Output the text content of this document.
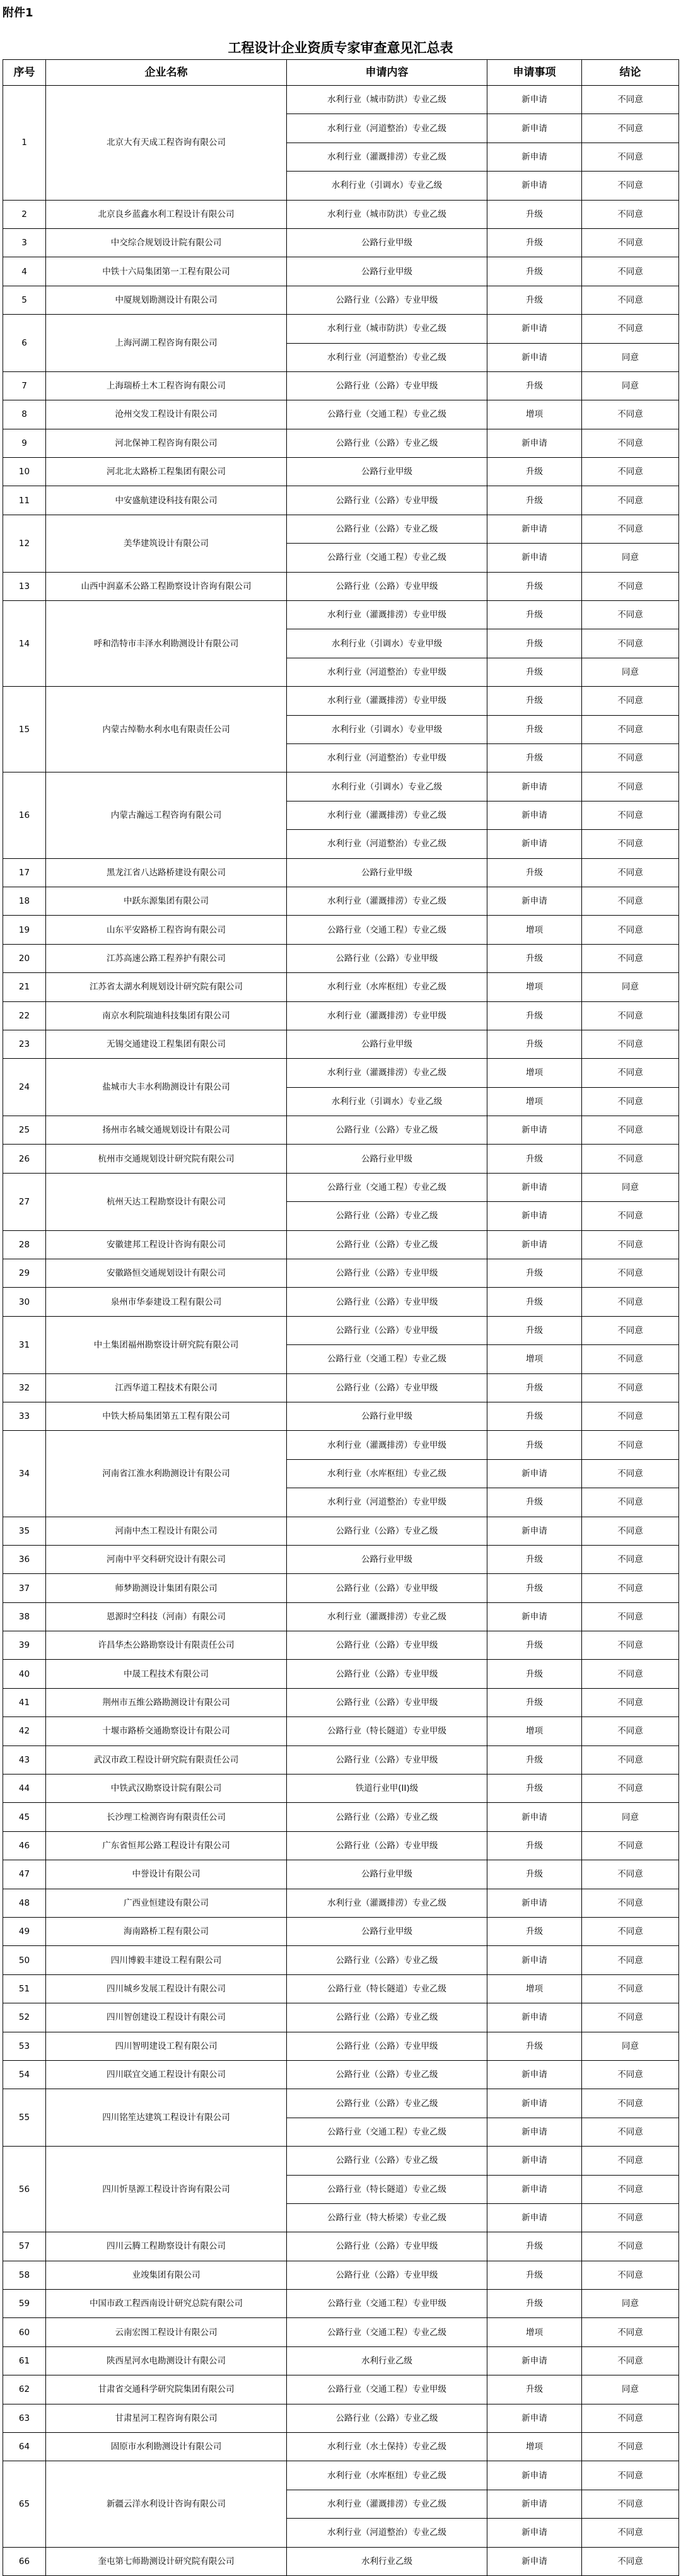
附件1
工程设计企业资质专家审查意见汇总表
序号	企业名称	申请内容	申请事项	结论
1	北京大有天成工程咨询有限公司	水利行业（城市防洪）专业乙级	新申请	不同意
		水利行业（河道整治）专业乙级	新申请	不同意
		水利行业（灌溉排涝）专业乙级	新申请	不同意
		水利行业（引调水）专业乙级	新申请	不同意
2	北京良乡蓝鑫水利工程设计有限公司	水利行业（城市防洪）专业乙级	升级	不同意
3	中交综合规划设计院有限公司	公路行业甲级	升级	不同意
4	中铁十六局集团第一工程有限公司	公路行业甲级	升级	不同意
5	中厦规划勘测设计有限公司	公路行业（公路）专业甲级	升级	不同意
6	上海河湖工程咨询有限公司	水利行业（城市防洪）专业乙级	新申请	不同意
		水利行业（河道整治）专业乙级	新申请	同意
7	上海瑞桥土木工程咨询有限公司	公路行业（公路）专业甲级	升级	同意
8	沧州交发工程设计有限公司	公路行业（交通工程）专业乙级	增项	不同意
9	河北保神工程咨询有限公司	公路行业（公路）专业乙级	新申请	不同意
10	河北北太路桥工程集团有限公司	公路行业甲级	升级	不同意
11	中安盛航建设科技有限公司	公路行业（公路）专业甲级	升级	不同意
12	美华建筑设计有限公司	公路行业（公路）专业乙级	新申请	不同意
		公路行业（交通工程）专业乙级	新申请	同意
13	山西中润嘉禾公路工程勘察设计咨询有限公司	公路行业（公路）专业甲级	升级	不同意
14	呼和浩特市丰泽水利勘测设计有限公司	水利行业（灌溉排涝）专业甲级	升级	不同意
		水利行业（引调水）专业甲级	升级	不同意
		水利行业（河道整治）专业甲级	升级	同意
15	内蒙古绰勒水利水电有限责任公司	水利行业（灌溉排涝）专业甲级	升级	不同意
		水利行业（引调水）专业甲级	升级	不同意
		水利行业（河道整治）专业甲级	升级	不同意
16	内蒙古瀚远工程咨询有限公司	水利行业（引调水）专业乙级	新申请	不同意
		水利行业（灌溉排涝）专业乙级	新申请	不同意
		水利行业（河道整治）专业乙级	新申请	不同意
17	黑龙江省八达路桥建设有限公司	公路行业甲级	升级	不同意
18	中跃东源集团有限公司	水利行业（灌溉排涝）专业乙级	新申请	不同意
19	山东平安路桥工程咨询有限公司	公路行业（交通工程）专业乙级	增项	不同意
20	江苏高速公路工程养护有限公司	公路行业（公路）专业甲级	升级	不同意
21	江苏省太湖水利规划设计研究院有限公司	水利行业（水库枢纽）专业乙级	增项	同意
22	南京水利院瑞迪科技集团有限公司	水利行业（灌溉排涝）专业甲级	升级	不同意
23	无锡交通建设工程集团有限公司	公路行业甲级	升级	不同意
24	盐城市大丰水利勘测设计有限公司	水利行业（灌溉排涝）专业乙级	增项	不同意
		水利行业（引调水）专业乙级	增项	不同意
25	扬州市名城交通规划设计有限公司	公路行业（公路）专业乙级	新申请	不同意
26	杭州市交通规划设计研究院有限公司	公路行业甲级	升级	不同意
27	杭州天达工程勘察设计有限公司	公路行业（交通工程）专业乙级	新申请	同意
		公路行业（公路）专业乙级	新申请	不同意
28	安徽建邦工程设计咨询有限公司	公路行业（公路）专业乙级	新申请	不同意
29	安徽路恒交通规划设计有限公司	公路行业（公路）专业甲级	升级	不同意
30	泉州市华泰建设工程有限公司	公路行业（公路）专业甲级	升级	不同意
31	中土集团福州勘察设计研究院有限公司	公路行业（公路）专业甲级	升级	不同意
		公路行业（交通工程）专业乙级	增项	不同意
32	江西华道工程技术有限公司	公路行业（公路）专业甲级	升级	不同意
33	中铁大桥局集团第五工程有限公司	公路行业甲级	升级	不同意
34	河南省江淮水利勘测设计有限公司	水利行业（灌溉排涝）专业甲级	升级	不同意
		水利行业（水库枢纽）专业乙级	新申请	不同意
		水利行业（河道整治）专业甲级	升级	不同意
35	河南中杰工程设计有限公司	公路行业（公路）专业乙级	新申请	不同意
36	河南中平交科研究设计有限公司	公路行业甲级	升级	不同意
37	师梦勘测设计集团有限公司	公路行业（公路）专业甲级	升级	不同意
38	恩源时空科技（河南）有限公司	水利行业（灌溉排涝）专业乙级	新申请	不同意
39	许昌华杰公路勘察设计有限责任公司	公路行业（公路）专业甲级	升级	不同意
40	中晟工程技术有限公司	公路行业（公路）专业甲级	升级	不同意
41	荆州市五维公路勘测设计有限公司	公路行业（公路）专业甲级	升级	不同意
42	十堰市路桥交通勘察设计有限公司	公路行业（特长隧道）专业甲级	增项	不同意
43	武汉市政工程设计研究院有限责任公司	公路行业（公路）专业甲级	升级	不同意
44	中铁武汉勘察设计院有限公司	铁道行业甲(II)级	升级	不同意
45	长沙理工检测咨询有限责任公司	公路行业（公路）专业乙级	新申请	同意
46	广东省恒邦公路工程设计有限公司	公路行业（公路）专业甲级	升级	不同意
47	中誉设计有限公司	公路行业甲级	升级	不同意
48	广西业恒建设有限公司	水利行业（灌溉排涝）专业乙级	新申请	不同意
49	海南路桥工程有限公司	公路行业甲级	升级	不同意
50	四川博毅丰建设工程有限公司	公路行业（公路）专业乙级	新申请	不同意
51	四川城乡发展工程设计有限公司	公路行业（特长隧道）专业乙级	增项	不同意
52	四川智创建设工程设计有限公司	公路行业（公路）专业乙级	新申请	不同意
53	四川智明建设工程有限公司	公路行业（公路）专业甲级	升级	同意
54	四川联宜交通工程设计有限公司	公路行业（公路）专业乙级	新申请	不同意
55	四川铭笙达建筑工程设计有限公司	公路行业（公路）专业乙级	新申请	不同意
		公路行业（交通工程）专业乙级	新申请	不同意
56	四川忻垦源工程设计咨询有限公司	公路行业（公路）专业乙级	新申请	不同意
		公路行业（特长隧道）专业乙级	新申请	不同意
		公路行业（特大桥梁）专业乙级	新申请	不同意
57	四川云腾工程勘察设计有限公司	公路行业（公路）专业甲级	升级	不同意
58	业竣集团有限公司	公路行业（公路）专业甲级	升级	不同意
59	中国市政工程西南设计研究总院有限公司	公路行业（交通工程）专业甲级	升级	同意
60	云南宏图工程设计有限公司	公路行业（交通工程）专业乙级	增项	不同意
61	陕西星河水电勘测设计有限公司	水利行业乙级	新申请	不同意
62	甘肃省交通科学研究院集团有限公司	公路行业（交通工程）专业甲级	升级	同意
63	甘肃星河工程咨询有限公司	公路行业（公路）专业乙级	新申请	不同意
64	固原市水利勘测设计有限公司	水利行业（水土保持）专业乙级	增项	不同意
65	新疆云洋水利设计咨询有限公司	水利行业（水库枢纽）专业乙级	新申请	不同意
		水利行业（灌溉排涝）专业乙级	新申请	不同意
		水利行业（河道整治）专业乙级	新申请	不同意
66	奎屯第七师勘测设计研究院有限公司	水利行业乙级	新申请	不同意
